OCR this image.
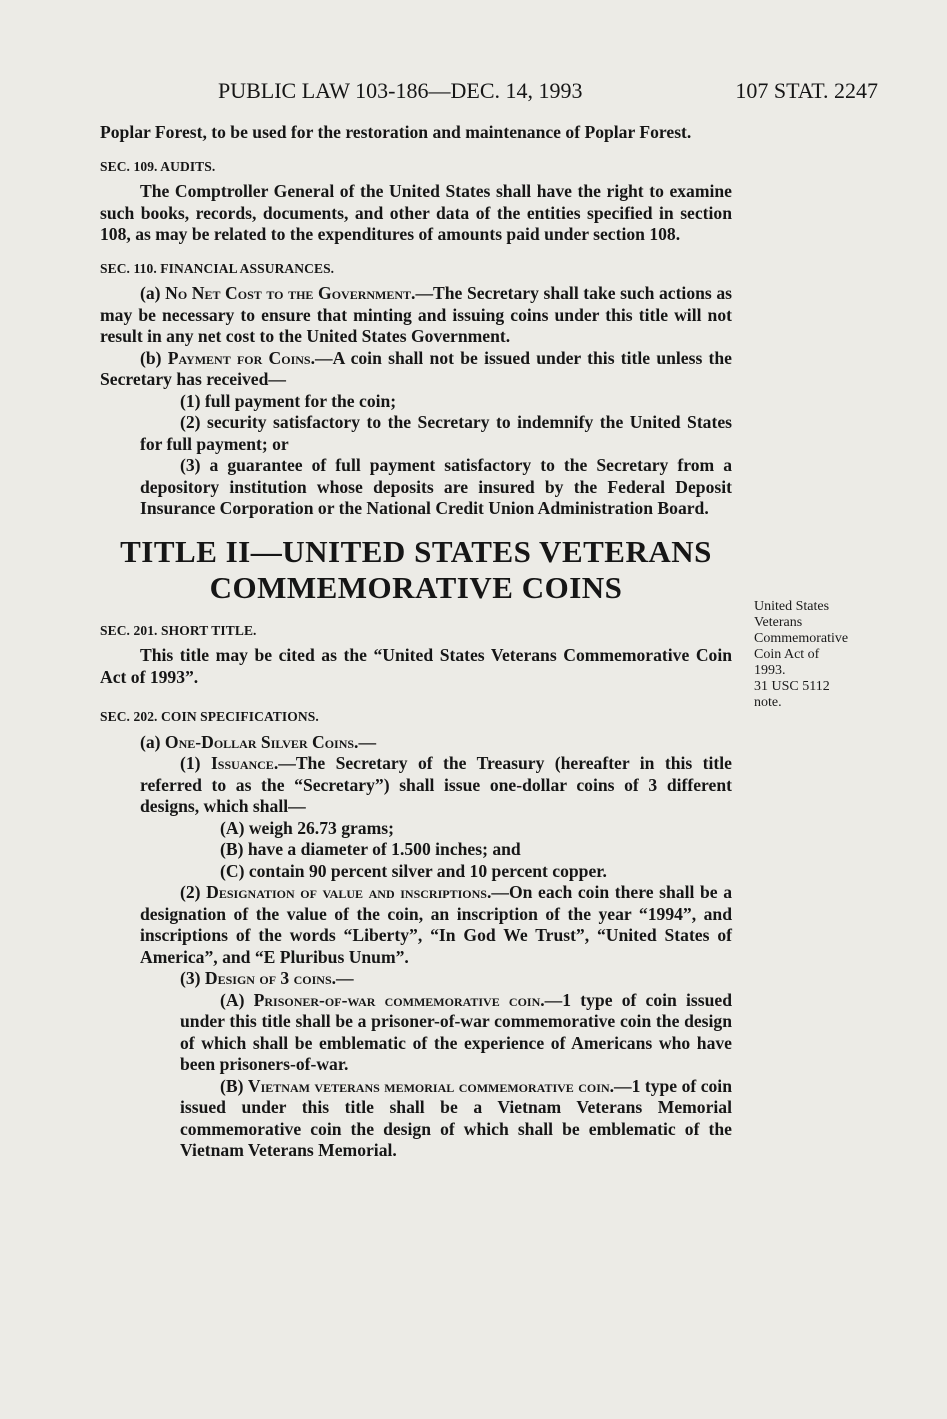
PUBLIC LAW 103-186—DEC. 14, 1993	107 STAT. 2247

Poplar Forest, to be used for the restoration and maintenance of Poplar Forest.

SEC. 109. AUDITS.

The Comptroller General of the United States shall have the right to examine such books, records, documents, and other data of the entities specified in section 108, as may be related to the expenditures of amounts paid under section 108.

SEC. 110. FINANCIAL ASSURANCES.

(a) No Net Cost to the Government.—The Secretary shall take such actions as may be necessary to ensure that minting and issuing coins under this title will not result in any net cost to the United States Government.

(b) Payment for Coins.—A coin shall not be issued under this title unless the Secretary has received—

(1) full payment for the coin;

(2) security satisfactory to the Secretary to indemnify the United States for full payment; or

(3) a guarantee of full payment satisfactory to the Secretary from a depository institution whose deposits are insured by the Federal Deposit Insurance Corporation or the National Credit Union Administration Board.

TITLE II—UNITED STATES VETERANS
COMMEMORATIVE COINS
SEC. 201. SHORT TITLE.

This title may be cited as the “United States Veterans Commemorative Coin Act of 1993”.

SEC. 202. COIN SPECIFICATIONS.

(a) One-Dollar Silver Coins.—

(1) Issuance.—The Secretary of the Treasury (hereafter in this title referred to as the “Secretary”) shall issue one-dollar coins of 3 different designs, which shall—

(A) weigh 26.73 grams;

(B) have a diameter of 1.500 inches; and

(C) contain 90 percent silver and 10 percent copper.

(2) Designation of value and inscriptions.—On each coin there shall be a designation of the value of the coin, an inscription of the year “1994”, and inscriptions of the words “Liberty”, “In God We Trust”, “United States of America”, and “E Pluribus Unum”.

(3) Design of 3 coins.—

(A) Prisoner-of-war commemorative coin.—1 type of coin issued under this title shall be a prisoner-of-war commemorative coin the design of which shall be emblematic of the experience of Americans who have been prisoners-of-war.

(B) Vietnam veterans memorial commemorative coin.—1 type of coin issued under this title shall be a Vietnam Veterans Memorial commemorative coin the design of which shall be emblematic of the Vietnam Veterans Memorial.

United States
Veterans
Commemorative
Coin Act of
1993.
31 USC 5112
note.
